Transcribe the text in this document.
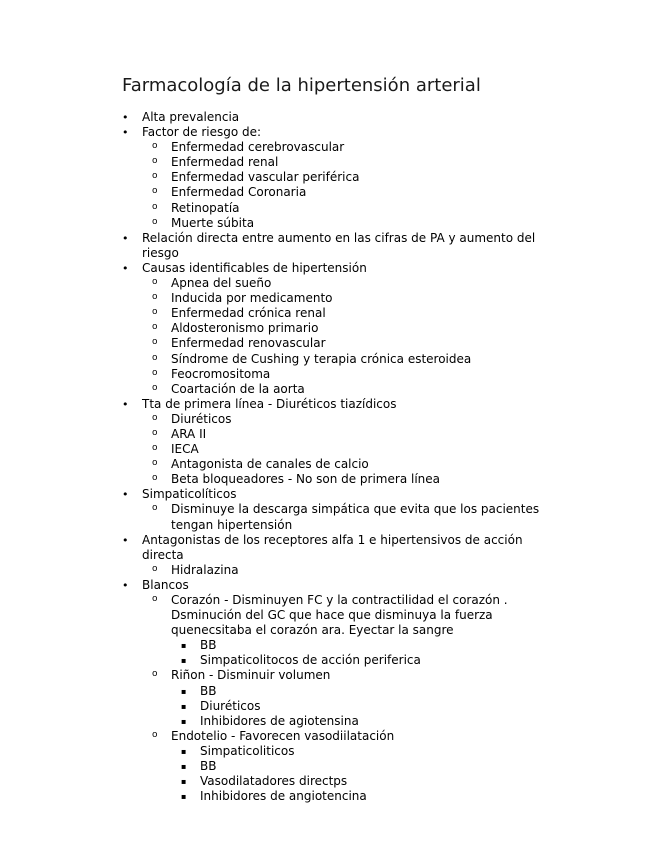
Farmacología de la hipertensión arterial
• Alta prevalencia
• Factor de riesgo de:
o Enfermedad cerebrovascular
o Enfermedad renal
o Enfermedad vascular periférica
o Enfermedad Coronaria
o Retinopatía
o Muerte súbita
• Relación directa entre aumento en las cifras de PA y aumento del riesgo
• Causas identificables de hipertensión
o Apnea del sueño
o Inducida por medicamento
o Enfermedad crónica renal
o Aldosteronismo primario
o Enfermedad renovascular
o Síndrome de Cushing y terapia crónica esteroidea
o Feocromositoma
o Coartación de la aorta
• Tta de primera línea - Diuréticos tiazídicos
o Diuréticos
o ARA II
o IECA
o Antagonista de canales de calcio
o Beta bloqueadores - No son de primera línea
• Simpaticolíticos
o Disminuye la descarga simpática que evita que los pacientes tengan hipertensión
• Antagonistas de los receptores alfa 1 e hipertensivos de acción directa
o Hidralazina
• Blancos
o Corazón - Disminuyen FC y la contractilidad el corazón . Dsminución del GC que hace que disminuya la fuerza quenecsitaba el corazón ara. Eyectar la sangre
▪ BB
▪ Simpaticolitocos de acción periferica
o Riñon - Disminuir volumen
▪ BB
▪ Diuréticos
▪ Inhibidores de agiotensina
o Endotelio - Favorecen vasodiilatación
▪ Simpaticoliticos
▪ BB
▪ Vasodilatadores directps
▪ Inhibidores de angiotencina
